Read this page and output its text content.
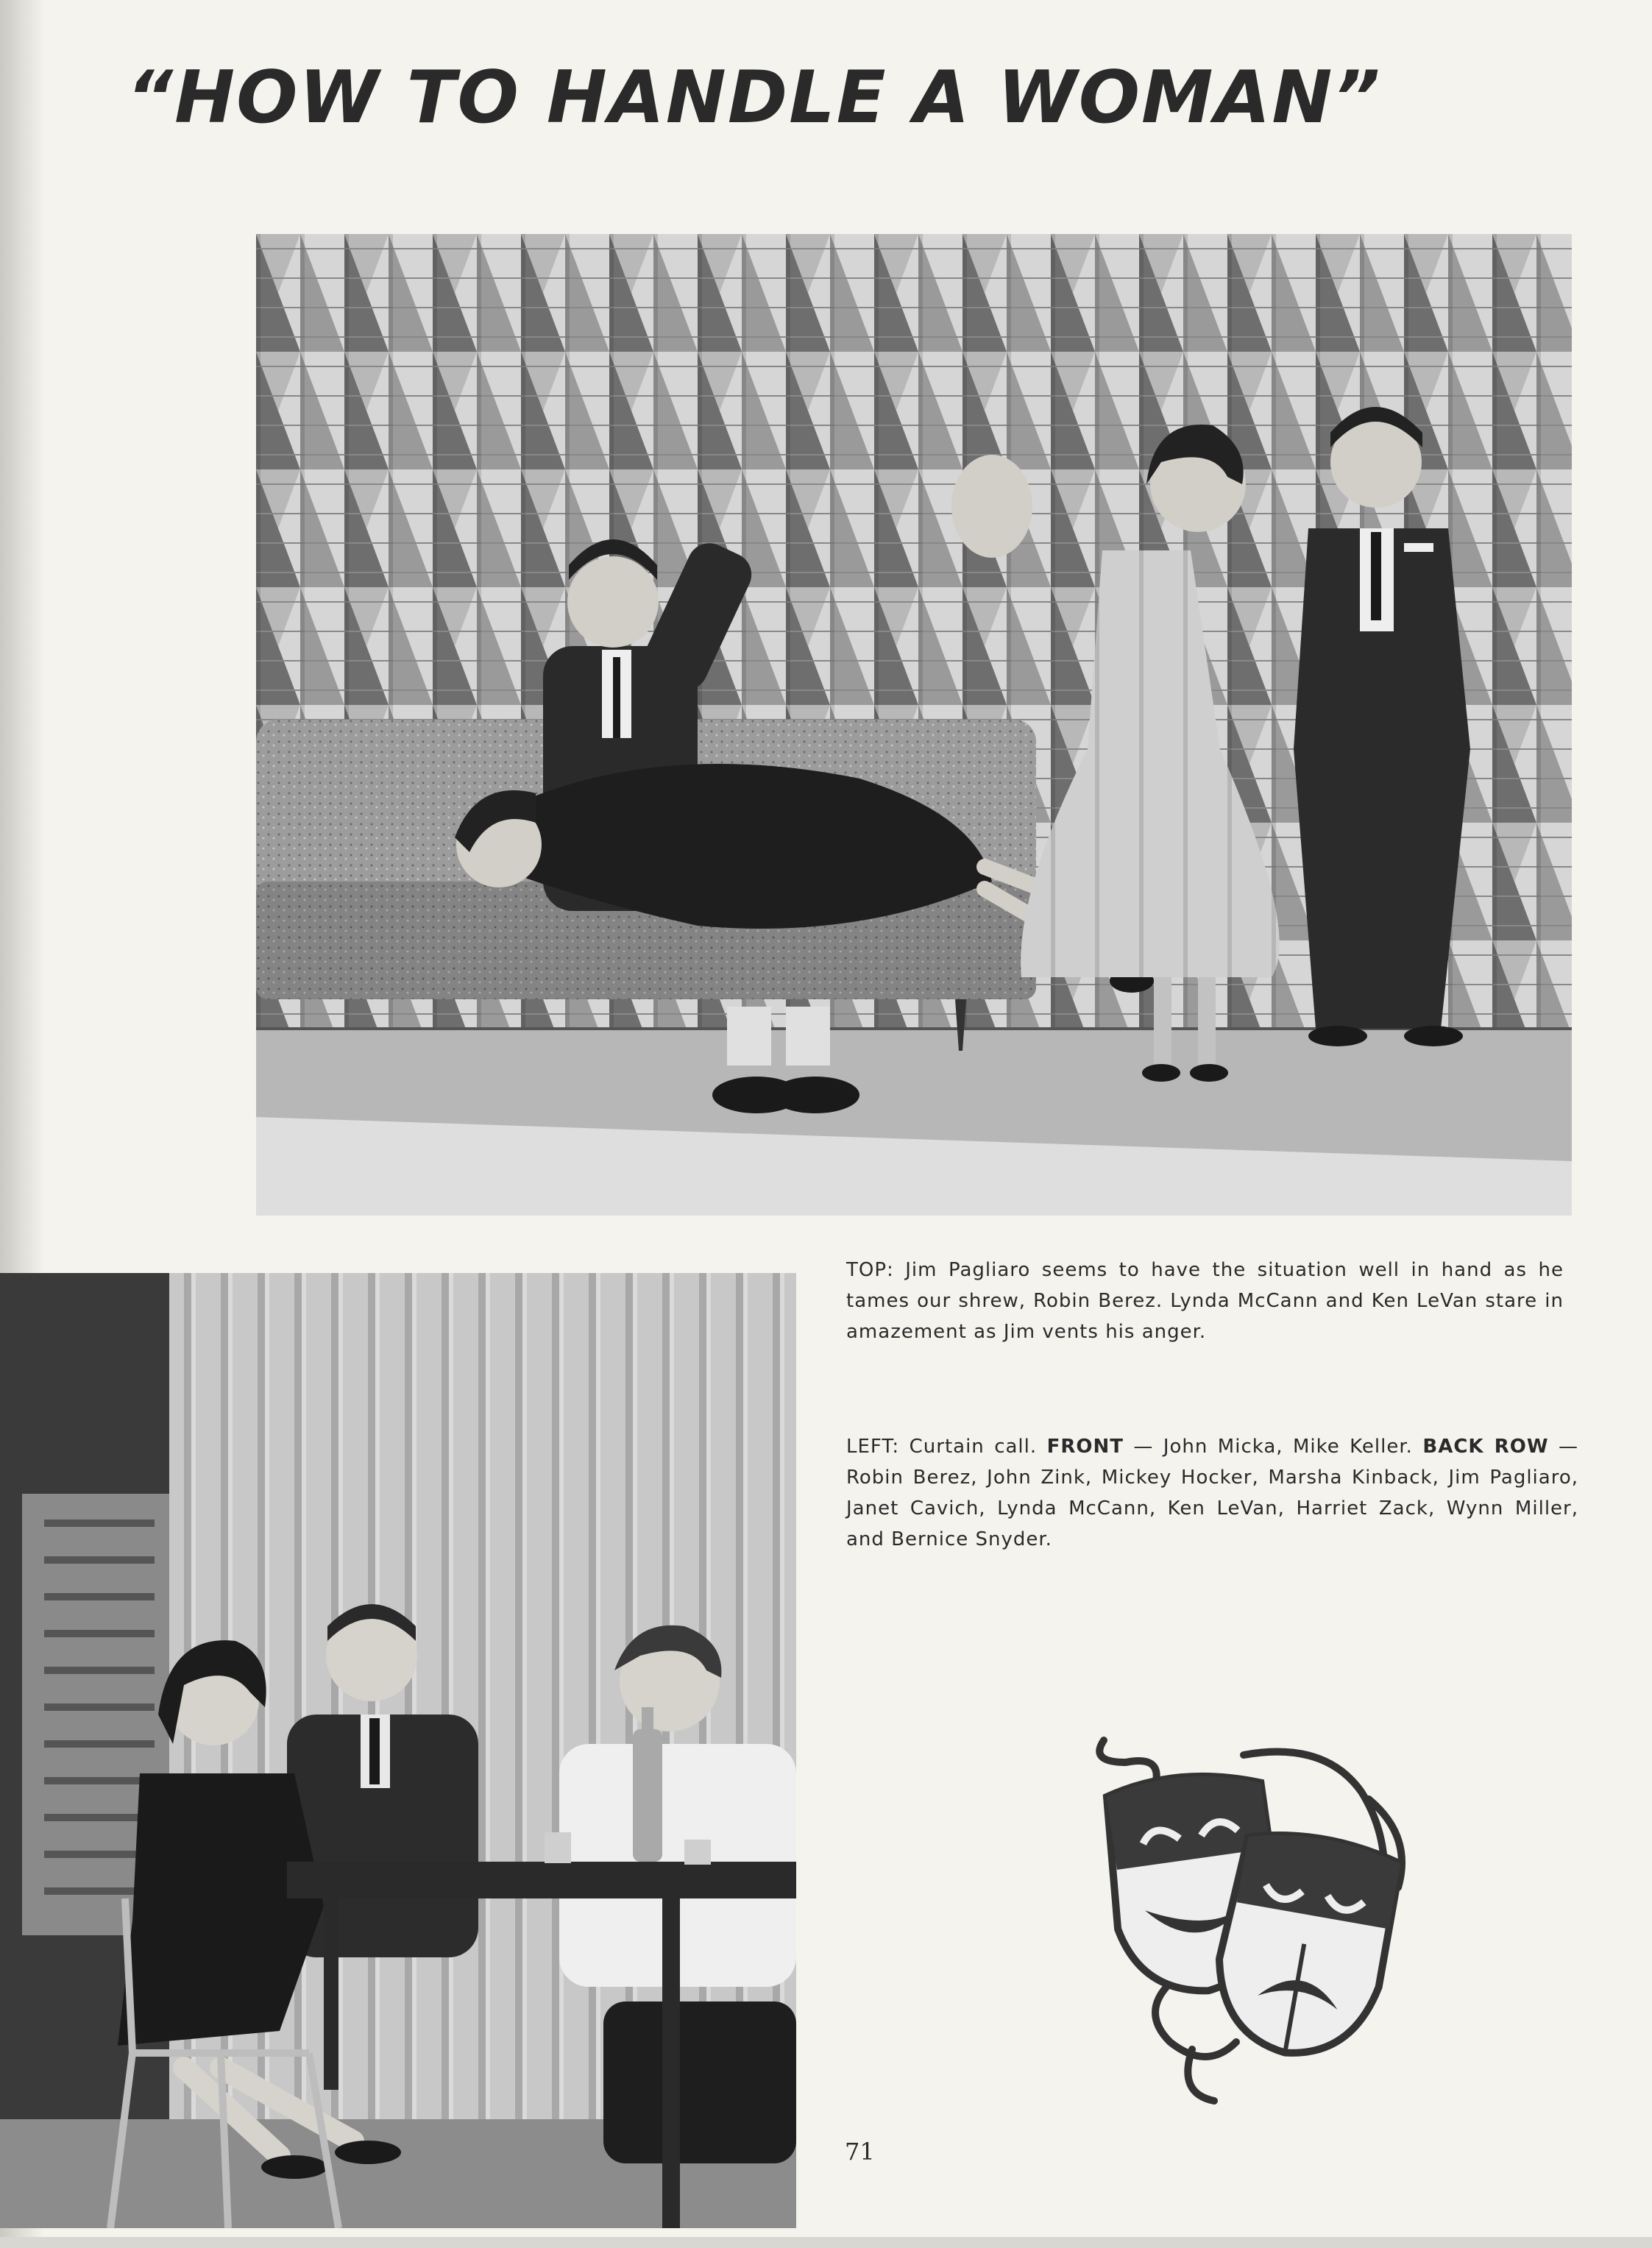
“HOW TO HANDLE A WOMAN”
TOP: Jim Pagliaro seems to have the situation well in hand as he tames our shrew, Robin Berez. Lynda McCann and Ken LeVan stare in amazement as Jim vents his anger.
LEFT: Curtain call. FRONT — John Micka, Mike Keller. BACK ROW — Robin Berez, John Zink, Mickey Hocker, Marsha Kinback, Jim Pagliaro, Janet Cavich, Lynda McCann, Ken LeVan, Harriet Zack, Wynn Miller, and Bernice Snyder.
71
